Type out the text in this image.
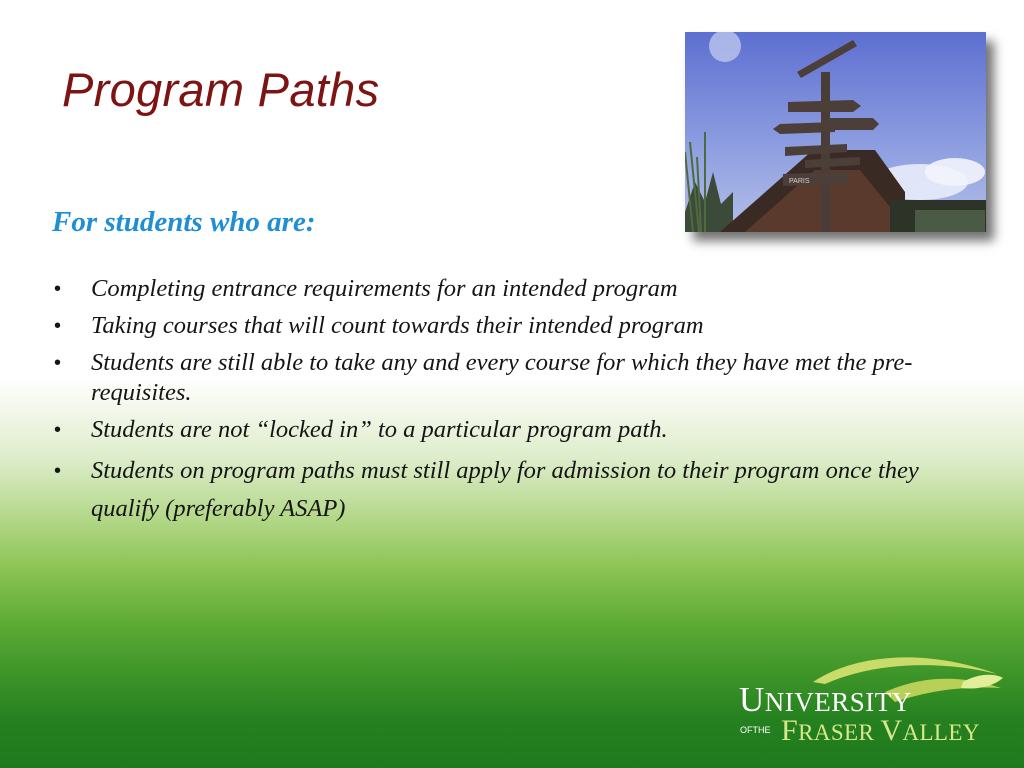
Program Paths
PARIS
For students who are:
• Completing entrance requirements for an intended program
• Taking courses that will count towards their intended program
• Students are still able to take any and every course for which they have met the pre-requisites.
• Students are not “locked in” to a particular program path.
• Students on program paths must still apply for admission to their program once they qualify (preferably ASAP)
UNIVERSITY
OFTHE FRASER VALLEY
